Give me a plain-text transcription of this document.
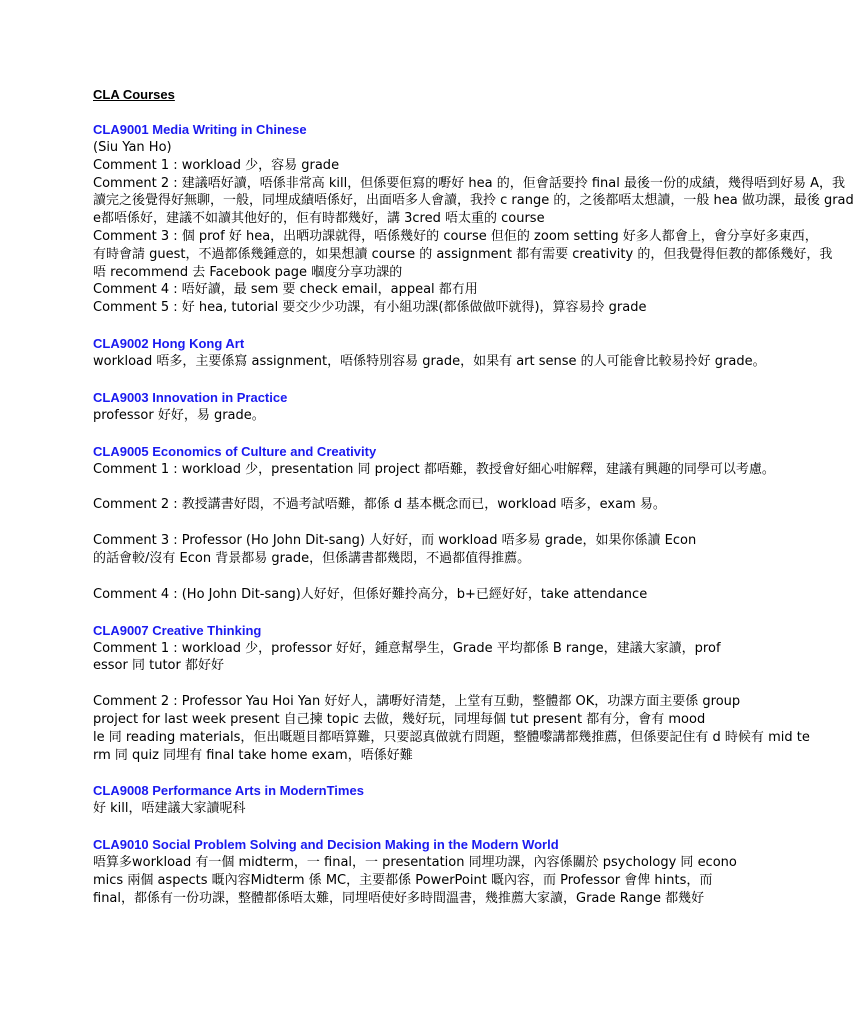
CLA Courses
CLA9001 Media Writing in Chinese
(Siu Yan Ho)
Comment 1 : workload 少，容易 grade
Comment 2 : 建議唔好讀，唔係非常高 kill，但係要佢寫的嘢好 hea 的，佢會話要拎 final 最後一份的成績，幾得唔到好易 A，我
讀完之後覺得好無聊，一般，同埋成績唔係好，出面唔多人會讀，我拎 c range 的，之後都唔太想讀，一般 hea 做功課，最後 grad
e都唔係好，建議不如讀其他好的，佢有時都幾好，講 3cred 唔太重的 course
Comment 3 : 個 prof 好 hea，出晒功課就得，唔係幾好的 course 但佢的 zoom setting 好多人都會上，會分享好多東西，
有時會請 guest，不過都係幾鍾意的，如果想讀 course 的 assignment 都有需要 creativity 的，但我覺得佢教的都係幾好，我
唔 recommend 去 Facebook page 嗰度分享功課的
Comment 4 : 唔好讀，最 sem 要 check email，appeal 都冇用
Comment 5 : 好 hea, tutorial 要交少少功課，有小組功課(都係做做吓就得)，算容易拎 grade
CLA9002 Hong Kong Art
workload 唔多，主要係寫 assignment，唔係特別容易 grade，如果有 art sense 的人可能會比較易拎好 grade。
CLA9003 Innovation in Practice
professor 好好，易 grade。
CLA9005 Economics of Culture and Creativity
Comment 1 : workload 少，presentation 同 project 都唔難，教授會好細心咁解釋，建議有興趣的同學可以考慮。
Comment 2 : 教授講書好悶，不過考試唔難，都係 d 基本概念而已，workload 唔多，exam 易。
Comment 3 : Professor (Ho John Dit-sang) 人好好，而 workload 唔多易 grade，如果你係讀 Econ
的話會較/沒有 Econ 背景都易 grade，但係講書都幾悶，不過都值得推薦。
Comment 4 : (Ho John Dit-sang)人好好，但係好難拎高分，b+已經好好，take attendance
CLA9007 Creative Thinking
Comment 1 : workload 少，professor 好好，鍾意幫學生，Grade 平均都係 B range，建議大家讀，prof
essor 同 tutor 都好好
Comment 2 : Professor Yau Hoi Yan 好好人，講嘢好清楚，上堂有互動，整體都 OK，功課方面主要係 group
project for last week present 自己揀 topic 去做，幾好玩，同埋每個 tut present 都有分，會有 mood
le 同 reading materials，佢出嘅題目都唔算難，只要認真做就冇問題，整體嚟講都幾推薦，但係要記住有 d 時候有 mid te
rm 同 quiz 同埋有 final take home exam，唔係好難
CLA9008 Performance Arts in ModernTimes
好 kill，唔建議大家讀呢科
CLA9010 Social Problem Solving and Decision Making in the Modern World
唔算多workload 有一個 midterm，一 final，一 presentation 同埋功課，內容係關於 psychology 同 econo
mics 兩個 aspects 嘅內容Midterm 係 MC，主要都係 PowerPoint 嘅內容，而 Professor 會俾 hints，而
final，都係有一份功課，整體都係唔太難，同埋唔使好多時間溫書，幾推薦大家讀，Grade Range 都幾好
